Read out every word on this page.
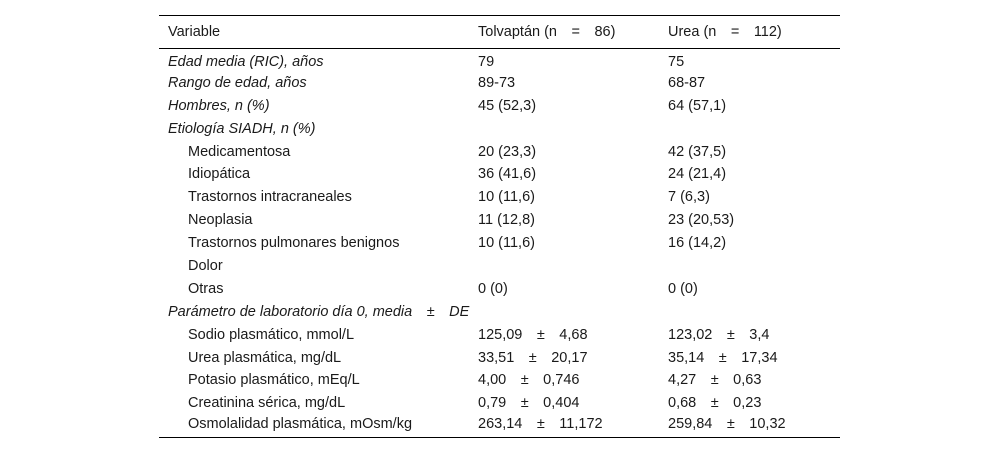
Variable	Tolvaptán (n  =  86)	Urea (n  =  112)
Edad media (RIC), años	79	75
Rango de edad, años	89-73	68-87
Hombres, n (%)	45 (52,3)	64 (57,1)
Etiología SIADH, n (%)		
Medicamentosa	20 (23,3)	42 (37,5)
Idiopática	36 (41,6)	24 (21,4)
Trastornos intracraneales	10 (11,6)	7 (6,3)
Neoplasia	11 (12,8)	23 (20,53)
Trastornos pulmonares benignos	10 (11,6)	16 (14,2)
Dolor		
Otras	0 (0)	0 (0)
Parámetro de laboratorio día 0, media  ±  DE		
Sodio plasmático, mmol/L	125,09  ±  4,68	123,02  ±  3,4
Urea plasmática, mg/dL	33,51  ±  20,17	35,14  ±  17,34
Potasio plasmático, mEq/L	4,00  ±  0,746	4,27  ±  0,63
Creatinina sérica, mg/dL	0,79  ±  0,404	0,68  ±  0,23
Osmolalidad plasmática, mOsm/kg	263,14  ±  11,172	259,84  ±  10,32
